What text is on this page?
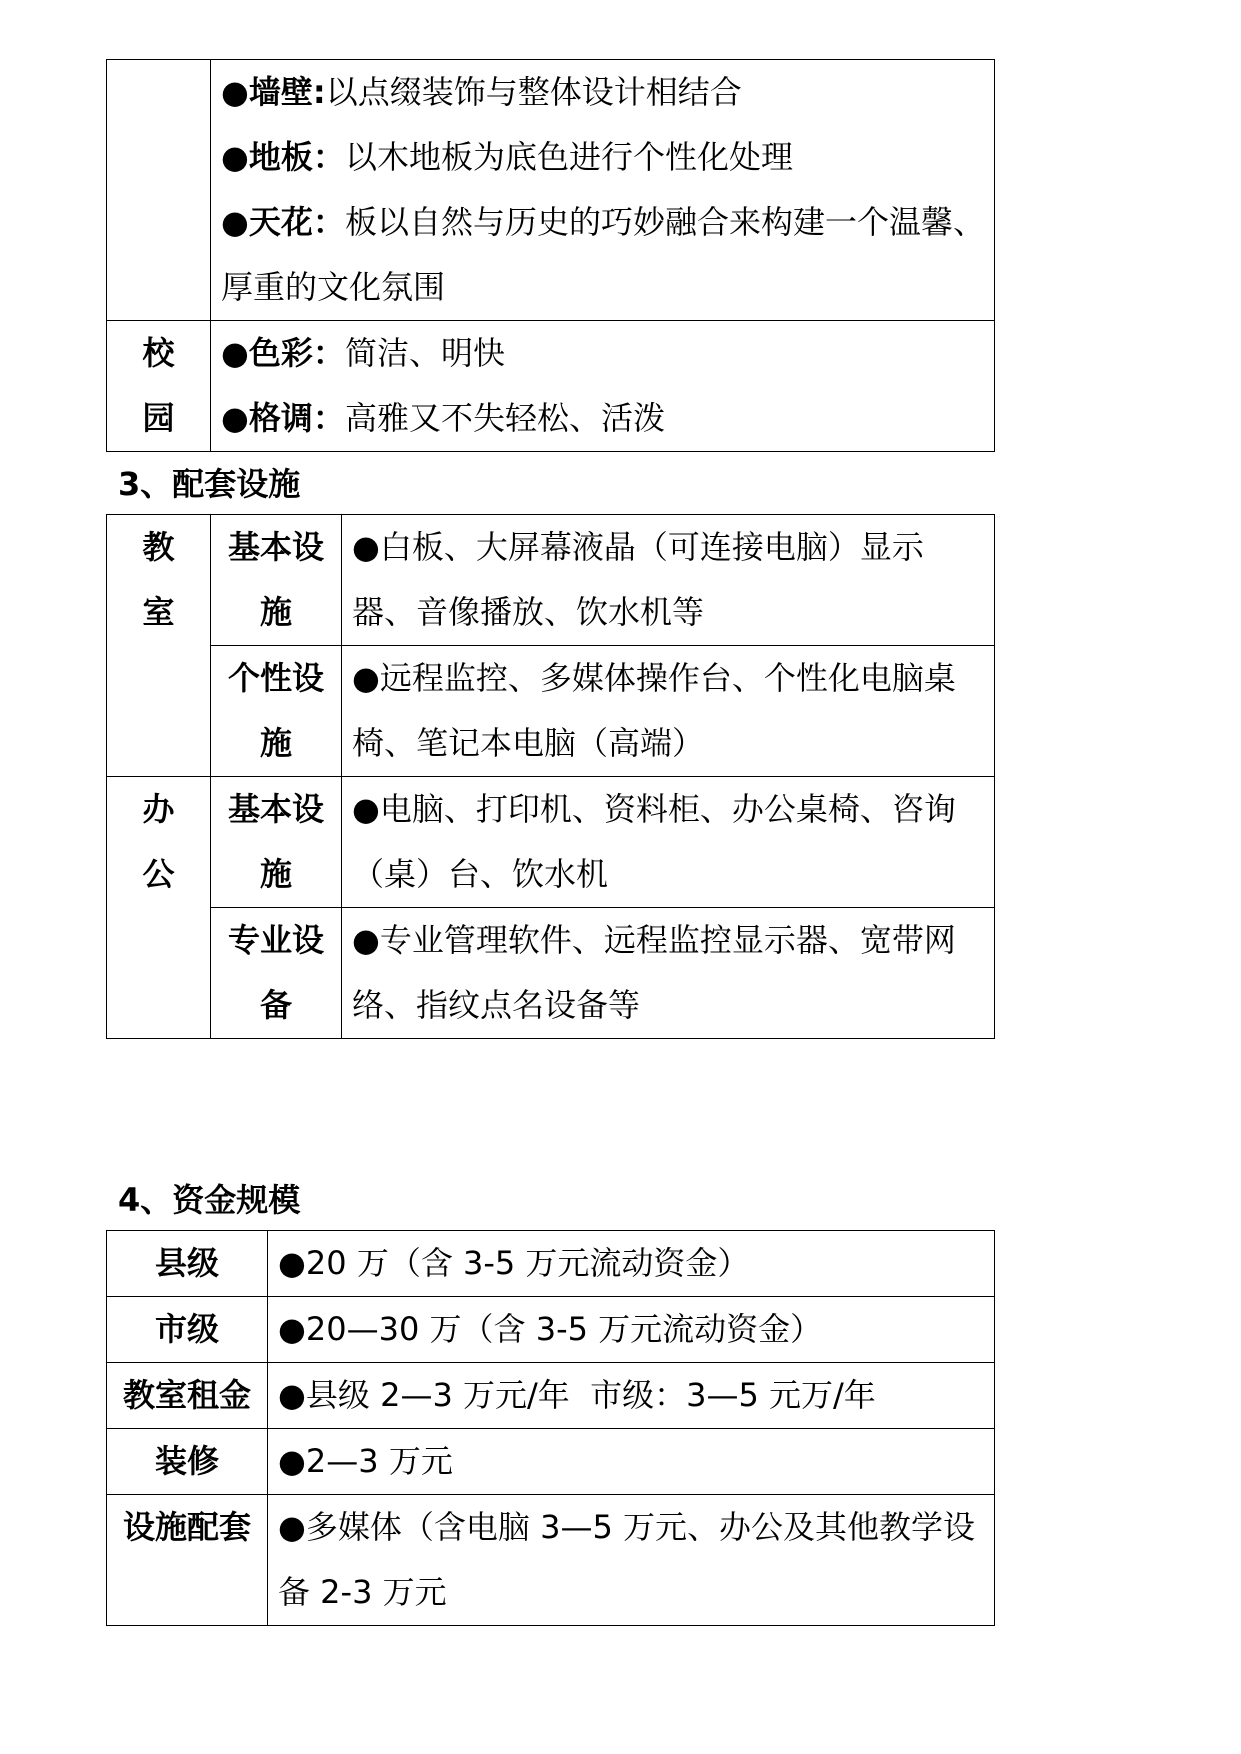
	●墙壁:以点缀装饰与整体设计相结合
●地板：以木地板为底色进行个性化处理
●天花：板以自然与历史的巧妙融合来构建一个温馨、厚重的文化氛围

校园	●色彩：简洁、明快
●格调：高雅又不失轻松、活泼
3、配套设施
教室	基本设施	●白板、大屏幕液晶（可连接电脑）显示器、音像播放、饮水机等

	个性设施	●远程监控、多媒体操作台、个性化电脑桌椅、笔记本电脑（高端）

办公	基本设施	●电脑、打印机、资料柜、办公桌椅、咨询（桌）台、饮水机

	专业设备	●专业管理软件、远程监控显示器、宽带网络、指纹点名设备等
4、资金规模
县级	●20 万（含 3-5 万元流动资金）
市级	●20—30 万（含 3-5 万元流动资金）
教室租金	●县级 2—3 万元/年  市级：3—5 元万/年
装修	●2—3 万元
设施配套	●多媒体（含电脑 3—5 万元、办公及其他教学设备 2-3 万元
